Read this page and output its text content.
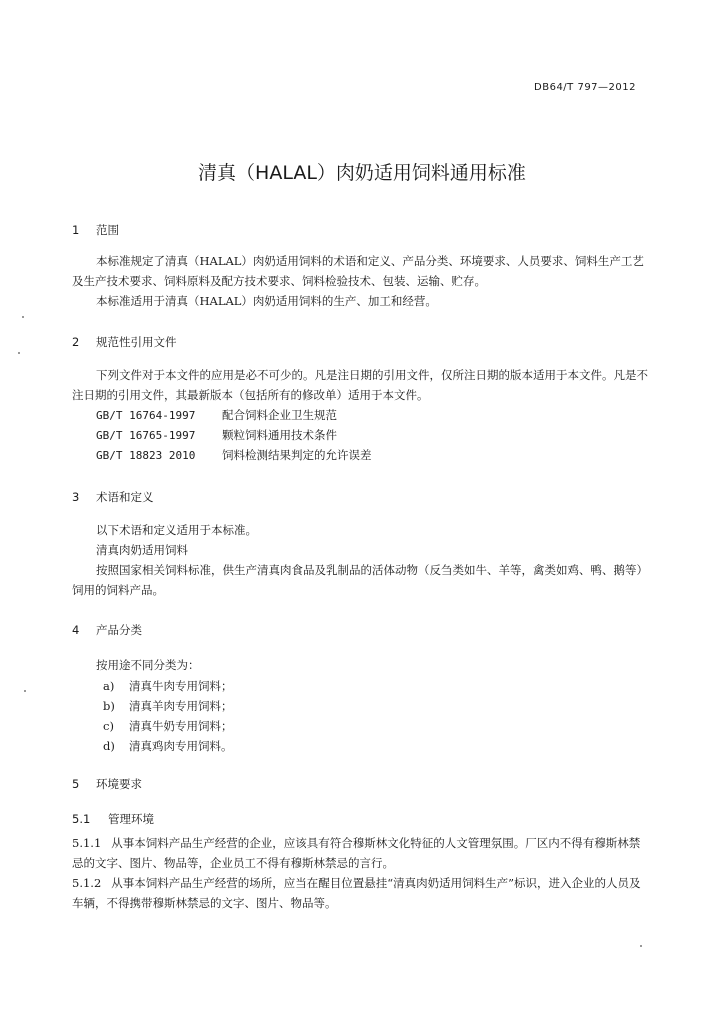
DB64/T 797—2012
清真（HALAL）肉奶适用饲料通用标准
1 范围
本标准规定了清真（HALAL）肉奶适用饲料的术语和定义、产品分类、环境要求、人员要求、饲料生产工艺及生产技术要求、饲料原料及配方技术要求、饲料检验技术、包装、运输、贮存。
本标准适用于清真（HALAL）肉奶适用饲料的生产、加工和经营。
2 规范性引用文件
下列文件对于本文件的应用是必不可少的。凡是注日期的引用文件，仅所注日期的版本适用于本文件。凡是不注日期的引用文件，其最新版本（包括所有的修改单）适用于本文件。
GB/T 16764-1997 配合饲料企业卫生规范
GB/T 16765-1997 颗粒饲料通用技术条件
GB/T 18823 2010 饲料检测结果判定的允许误差
3 术语和定义
以下术语和定义适用于本标准。
清真肉奶适用饲料
按照国家相关饲料标准，供生产清真肉食品及乳制品的活体动物（反刍类如牛、羊等，禽类如鸡、鸭、鹅等）饲用的饲料产品。
4 产品分类
按用途不同分类为：
a) 清真牛肉专用饲料；
b) 清真羊肉专用饲料；
c) 清真牛奶专用饲料；
d) 清真鸡肉专用饲料。
5 环境要求
5.1 管理环境
5.1.1 从事本饲料产品生产经营的企业，应该具有符合穆斯林文化特征的人文管理氛围。厂区内不得有穆斯林禁忌的文字、图片、物品等，企业员工不得有穆斯林禁忌的言行。
5.1.2 从事本饲料产品生产经营的场所，应当在醒目位置悬挂“清真肉奶适用饲料生产”标识，进入企业的人员及车辆，不得携带穆斯林禁忌的文字、图片、物品等。
